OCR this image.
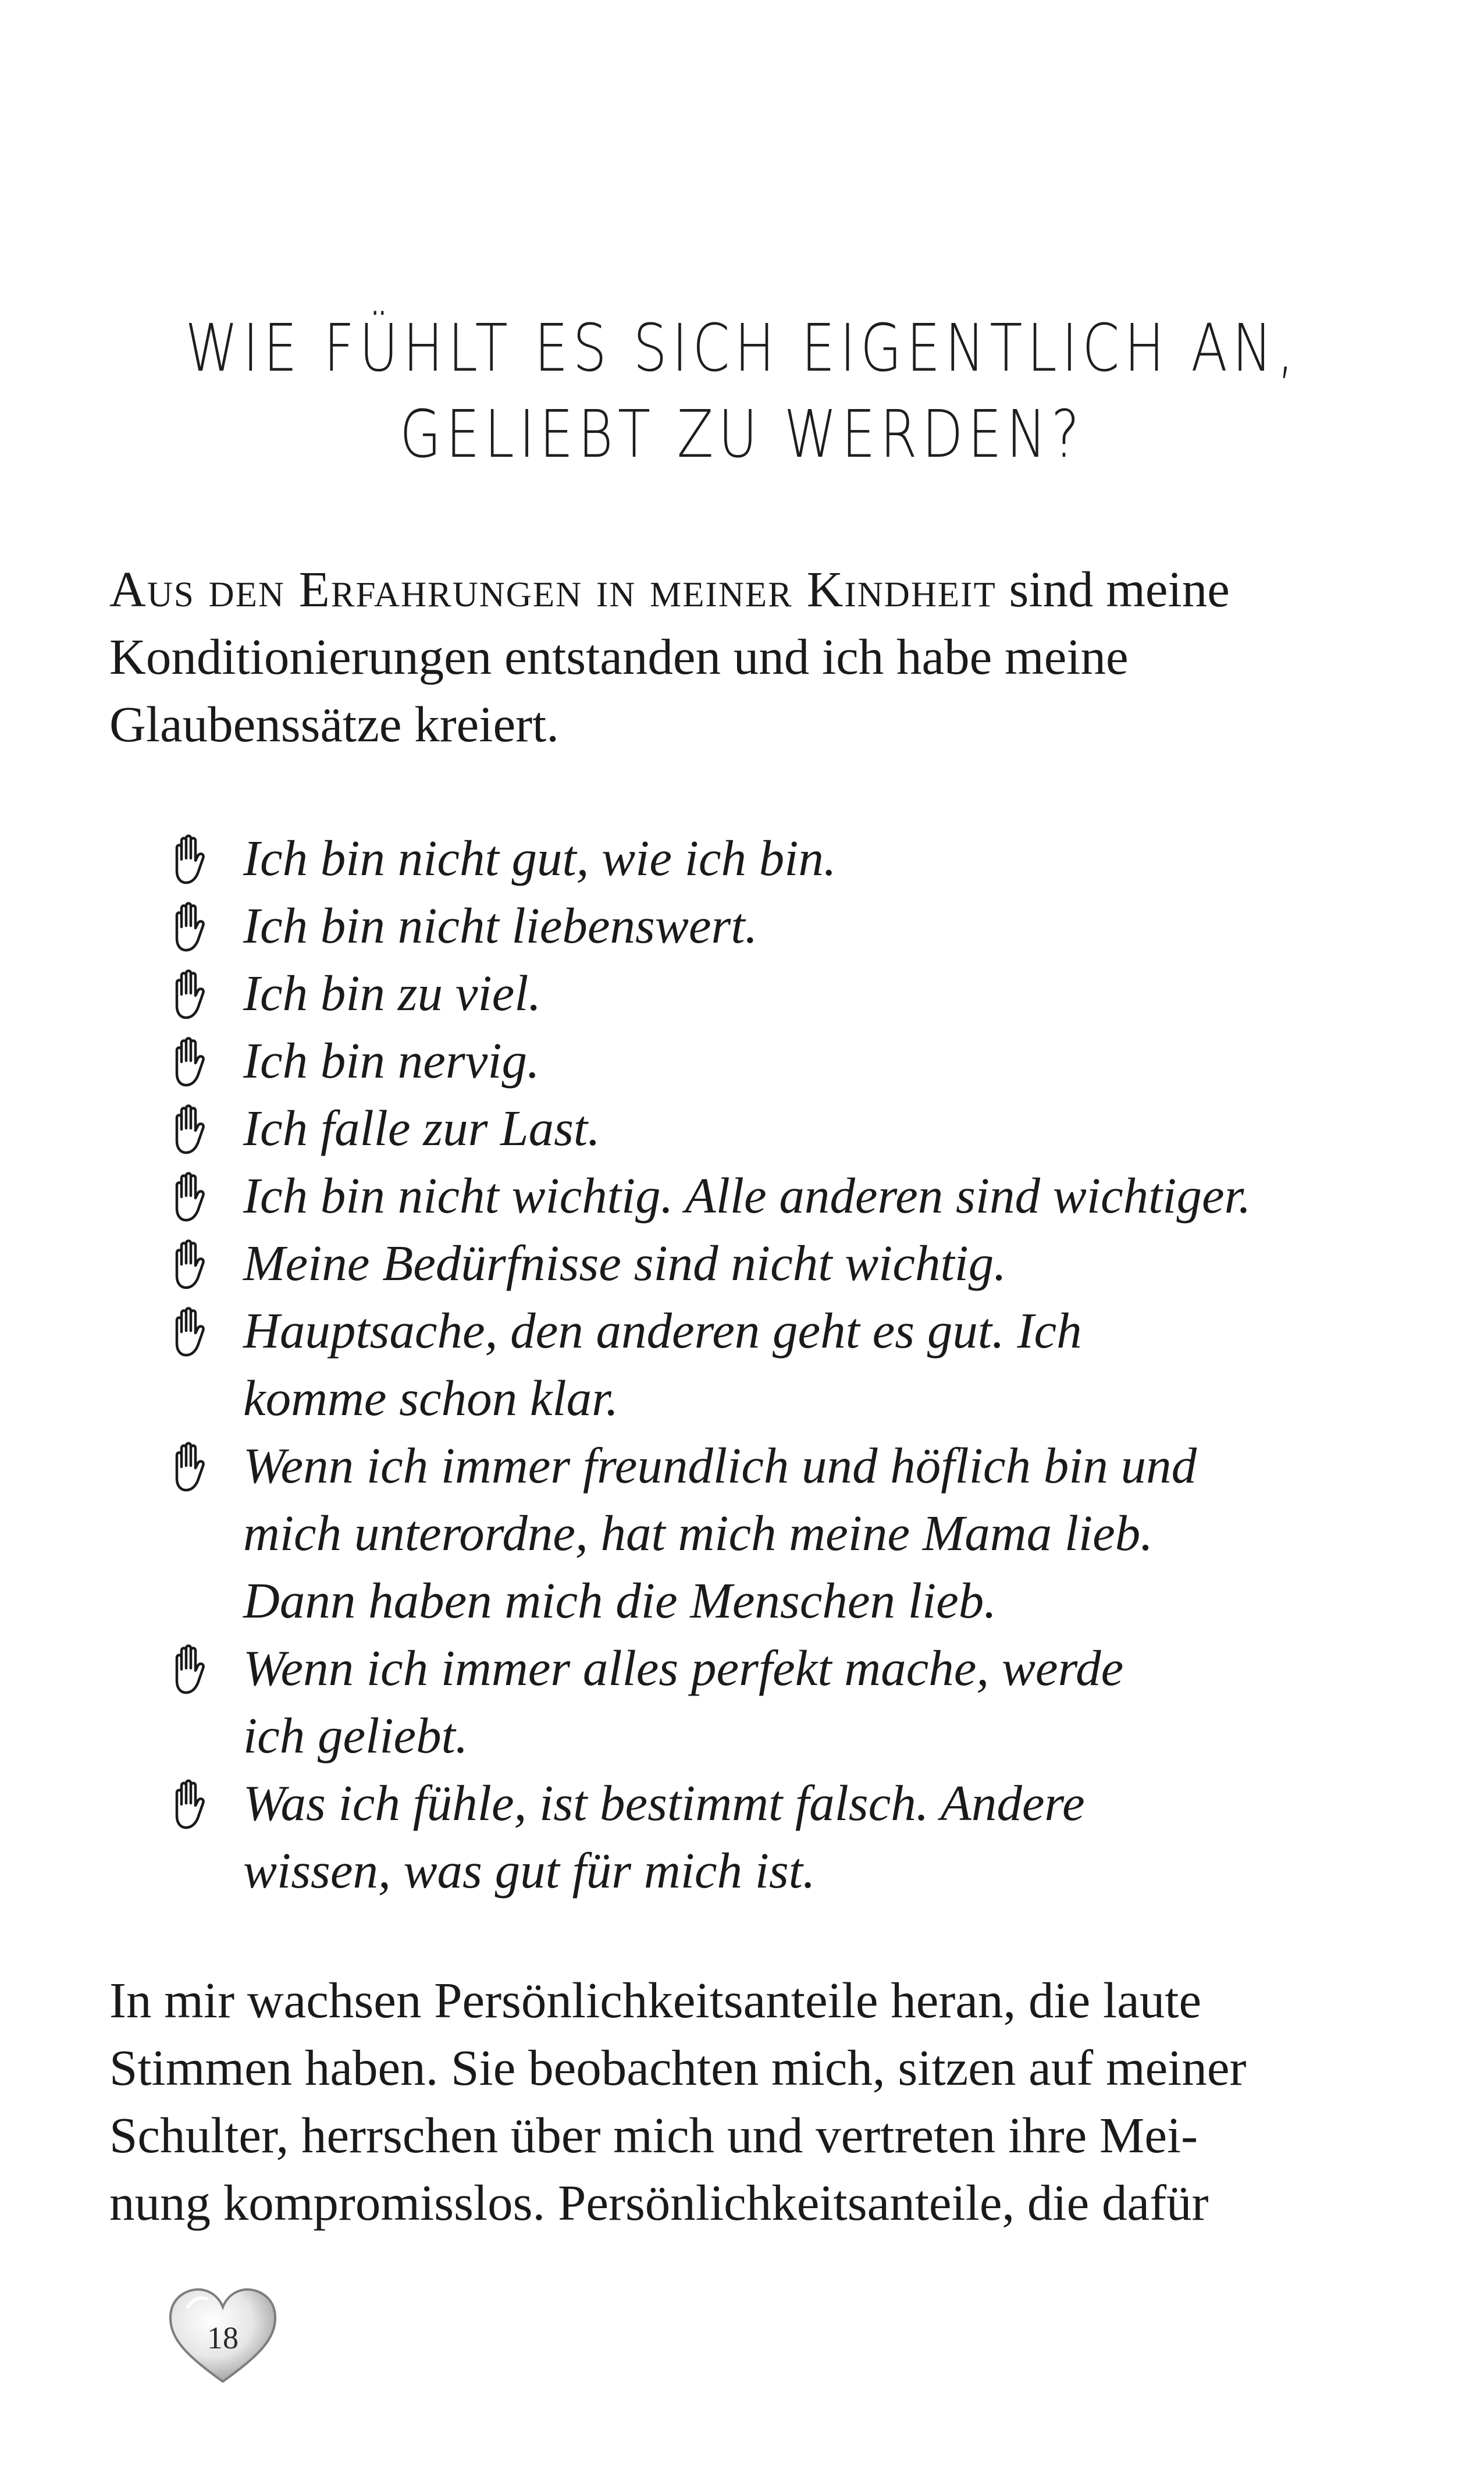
WIE FÜHLT ES SICH EIGENTLICH AN,
GELIEBT ZU WERDEN?
Aus den Erfahrungen in meiner Kindheit sind meine
Konditionierungen entstanden und ich habe meine
Glaubenssätze kreiert.
Ich bin nicht gut, wie ich bin.
Ich bin nicht liebenswert.
Ich bin zu viel.
Ich bin nervig.
Ich falle zur Last.
Ich bin nicht wichtig. Alle anderen sind wichtiger.
Meine Bedürfnisse sind nicht wichtig.
Hauptsache, den anderen geht es gut. Ich
komme schon klar.
Wenn ich immer freundlich und höflich bin und
mich unterordne, hat mich meine Mama lieb.
Dann haben mich die Menschen lieb.
Wenn ich immer alles perfekt mache, werde
ich geliebt.
Was ich fühle, ist bestimmt falsch. Andere
wissen, was gut für mich ist.
In mir wachsen Persönlichkeitsanteile heran, die laute
Stimmen haben. Sie beobachten mich, sitzen auf meiner
Schulter, herrschen über mich und vertreten ihre Mei-
nung kompromisslos. Persönlichkeitsanteile, die dafür
18
